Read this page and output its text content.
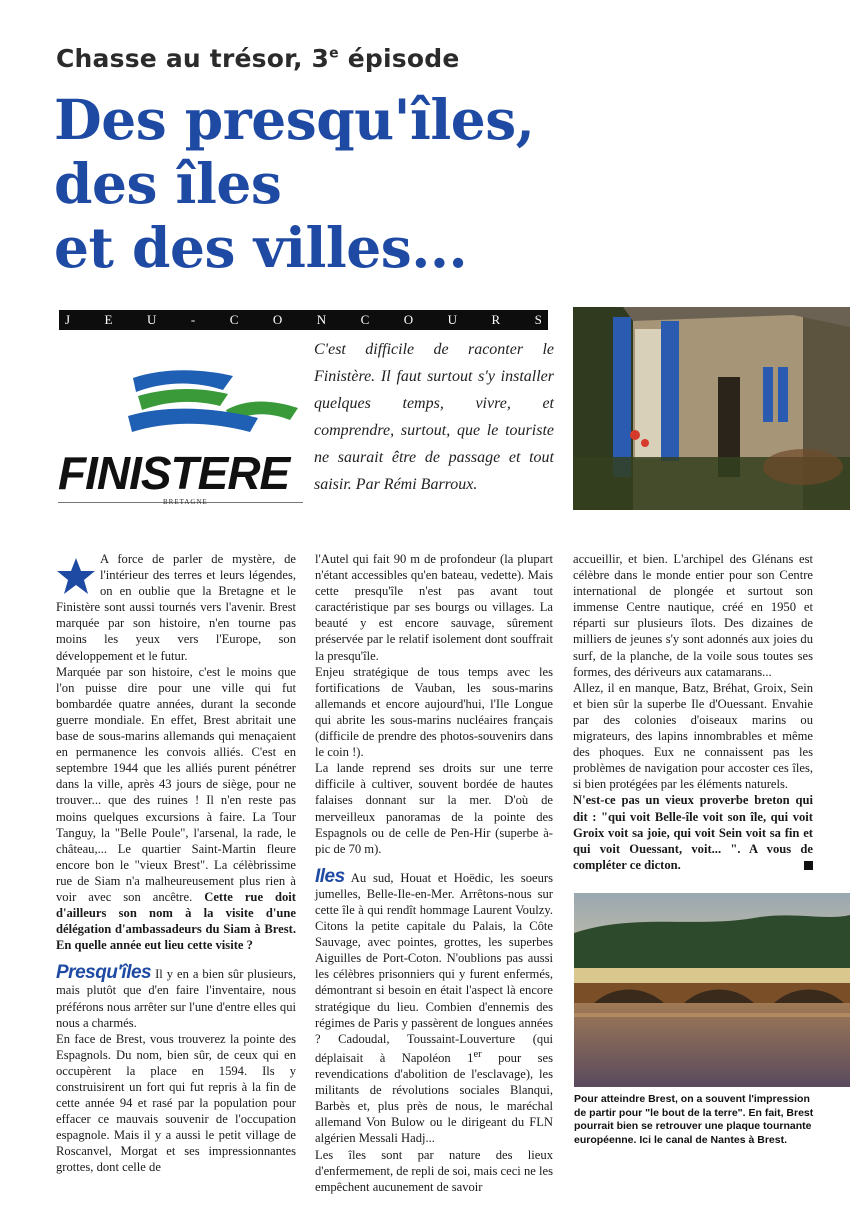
Chasse au trésor, 3e épisode
Des presqu'îles,
des îles
et des villes...
J	E	U	-	C	O	N	C	O	U	R	S
FINISTERE
BRETAGNE
C'est difficile de raconter le Finistère. Il faut surtout s'y installer quelques temps, vivre, et comprendre, surtout, que le touriste ne saurait être de passage et tout saisir. Par Rémi Barroux.

A force de parler de mystère, de l'intérieur des terres et leurs légendes, on en oublie que la Bretagne et le Finistère sont aussi tournés vers l'avenir. Brest marquée par son histoire, n'en tourne pas moins les yeux vers l'Europe, son développement et le futur.

Marquée par son histoire, c'est le moins que l'on puisse dire pour une ville qui fut bombardée quatre années, durant la seconde guerre mondiale. En effet, Brest abritait une base de sous-marins allemands qui menaçaient en permanence les convois alliés. C'est en septembre 1944 que les alliés purent pénétrer dans la ville, après 43 jours de siège, pour ne trouver... que des ruines ! Il n'en reste pas moins quelques excursions à faire. La Tour Tanguy, la "Belle Poule", l'arsenal, la rade, le château,... Le quartier Saint-Martin fleure encore bon le "vieux Brest". La célèbrissime rue de Siam n'a malheureusement plus rien à voir avec son ancêtre. Cette rue doit d'ailleurs son nom à la visite d'une délégation d'ambassadeurs du Siam à Brest. En quelle année eut lieu cette visite ?

Presqu'îles Il y en a bien sûr plusieurs, mais plutôt que d'en faire l'inventaire, nous préférons nous arrêter sur l'une d'entre elles qui nous a charmés.

En face de Brest, vous trouverez la pointe des Espagnols. Du nom, bien sûr, de ceux qui en occupèrent la place en 1594. Ils y construisirent un fort qui fut repris à la fin de cette année 94 et rasé par la population pour effacer ce mauvais souvenir de l'occupation espagnole. Mais il y a aussi le petit village de Roscanvel, Morgat et ses impressionnantes grottes, dont celle de

l'Autel qui fait 90 m de profondeur (la plupart n'étant accessibles qu'en bateau, vedette). Mais cette presqu'île n'est pas avant tout caractéristique par ses bourgs ou villages. La beauté y est encore sauvage, sûrement préservée par le relatif isolement dont souffrait la presqu'île.

Enjeu stratégique de tous temps avec les fortifications de Vauban, les sous-marins allemands et encore aujourd'hui, l'Ile Longue qui abrite les sous-marins nucléaires français (difficile de prendre des photos-souvenirs dans le coin !).

La lande reprend ses droits sur une terre difficile à cultiver, souvent bordée de hautes falaises donnant sur la mer. D'où de merveilleux panoramas de la pointe des Espagnols ou de celle de Pen-Hir (superbe à-pic de 70 m).

Iles Au sud, Houat et Hoëdic, les soeurs jumelles, Belle-Ile-en-Mer. Arrêtons-nous sur cette île à qui rendît hommage Laurent Voulzy. Citons la petite capitale du Palais, la Côte Sauvage, avec pointes, grottes, les superbes Aiguilles de Port-Coton. N'oublions pas aussi les célèbres prisonniers qui y furent enfermés, démontrant si besoin en était l'aspect là encore stratégique du lieu. Combien d'ennemis des régimes de Paris y passèrent de longues années ? Cadoudal, Toussaint-Louverture (qui déplaisait à Napoléon 1er pour ses revendications d'abolition de l'esclavage), les militants de révolutions sociales Blanqui, Barbès et, plus près de nous, le maréchal allemand Von Bulow ou le dirigeant du FLN algérien Messali Hadj...

Les îles sont par nature des lieux d'enfermement, de repli de soi, mais ceci ne les empêchent aucunement de savoir

accueillir, et bien. L'archipel des Glénans est célèbre dans le monde entier pour son Centre international de plongée et surtout son immense Centre nautique, créé en 1950 et réparti sur plusieurs îlots. Des dizaines de milliers de jeunes s'y sont adonnés aux joies du surf, de la planche, de la voile sous toutes ses formes, des dériveurs aux catamarans...

Allez, il en manque, Batz, Bréhat, Groix, Sein et bien sûr la superbe Ile d'Ouessant. Envahie par des colonies d'oiseaux marins ou migrateurs, des lapins innombrables et même des phoques. Eux ne connaissent pas les problèmes de navigation pour accoster ces îles, si bien protégées par les éléments naturels.

N'est-ce pas un vieux proverbe breton qui dit : "qui voit Belle-île voit son île, qui voit Groix voit sa joie, qui voit Sein voit sa fin et qui voit Ouessant, voit... ". A vous de compléter ce dicton.

Pour atteindre Brest, on a souvent l'impression de partir pour "le bout de la terre". En fait, Brest pourrait bien se retrouver une plaque tournante européenne. Ici le canal de Nantes à Brest.
